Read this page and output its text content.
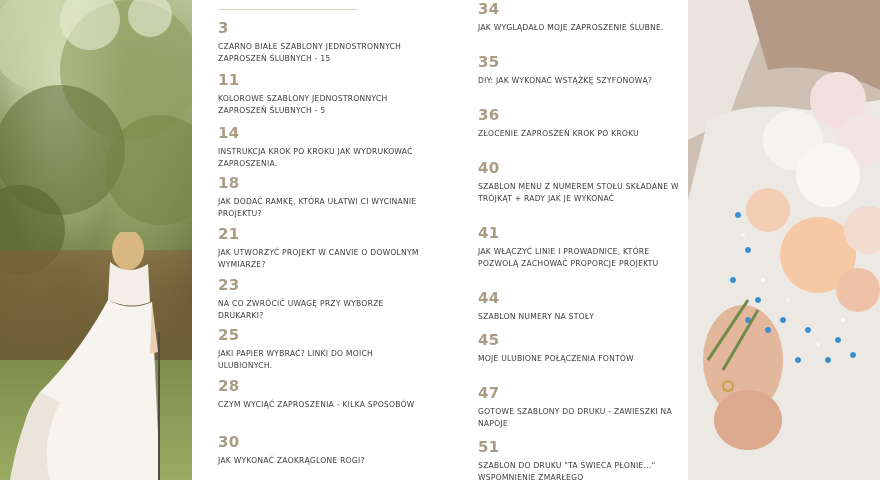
3
CZARNO BIAŁE SZABLONY JEDNOSTRONNYCH ZAPROSZEŃ ŚLUBNYCH - 15
11
KOLOROWE SZABLONY JEDNOSTRONNYCH ZAPROSZEŃ ŚLUBNYCH - 5
14
INSTRUKCJA KROK PO KROKU JAK WYDRUKOWAĆ ZAPROSZENIA.
18
JAK DODAĆ RAMKĘ, KTÓRA UŁATWI CI WYCINANIE PROJEKTU?
21
JAK UTWORZYĆ PROJEKT W CANVIE O DOWOLNYM WYMIARZE?
23
NA CO ZWRÓCIĆ UWAGĘ PRZY WYBORZE DRUKARKI?
25
JAKI PAPIER WYBRAĆ? LINKI DO MOICH ULUBIONYCH.
28
CZYM WYCIĄĆ ZAPROSZENIA - KILKA SPOSOBÓW
30
JAK WYKONAĆ ZAOKRĄGLONE ROGI?
34
JAK WYGLĄDAŁO MOJE ZAPROSZENIE ŚLUBNE.
35
DIY: JAK WYKONAĆ WSTĄŻKĘ SZYFONOWĄ?
36
ZŁOCENIE ZAPROSZEŃ KROK PO KROKU
40
SZABLON MENU Z NUMEREM STOŁU SKŁADANE W TRÓJKĄT + RADY JAK JE WYKONAĆ
41
JAK WŁĄCZYĆ LINIE I PROWADNICE, KTÓRE POZWOLĄ ZACHOWAĆ PROPORCJE PROJEKTU
44
SZABLON NUMERY NA STOŁY
45
MOJE ULUBIONE POŁĄCZENIA FONTÓW
47
GOTOWE SZABLONY DO DRUKU - ZAWIESZKI NA NAPOJE
51
SZABLON DO DRUKU "TA ŚWIECA PŁONIE..." WSPOMNIENIE ZMARŁEGO
